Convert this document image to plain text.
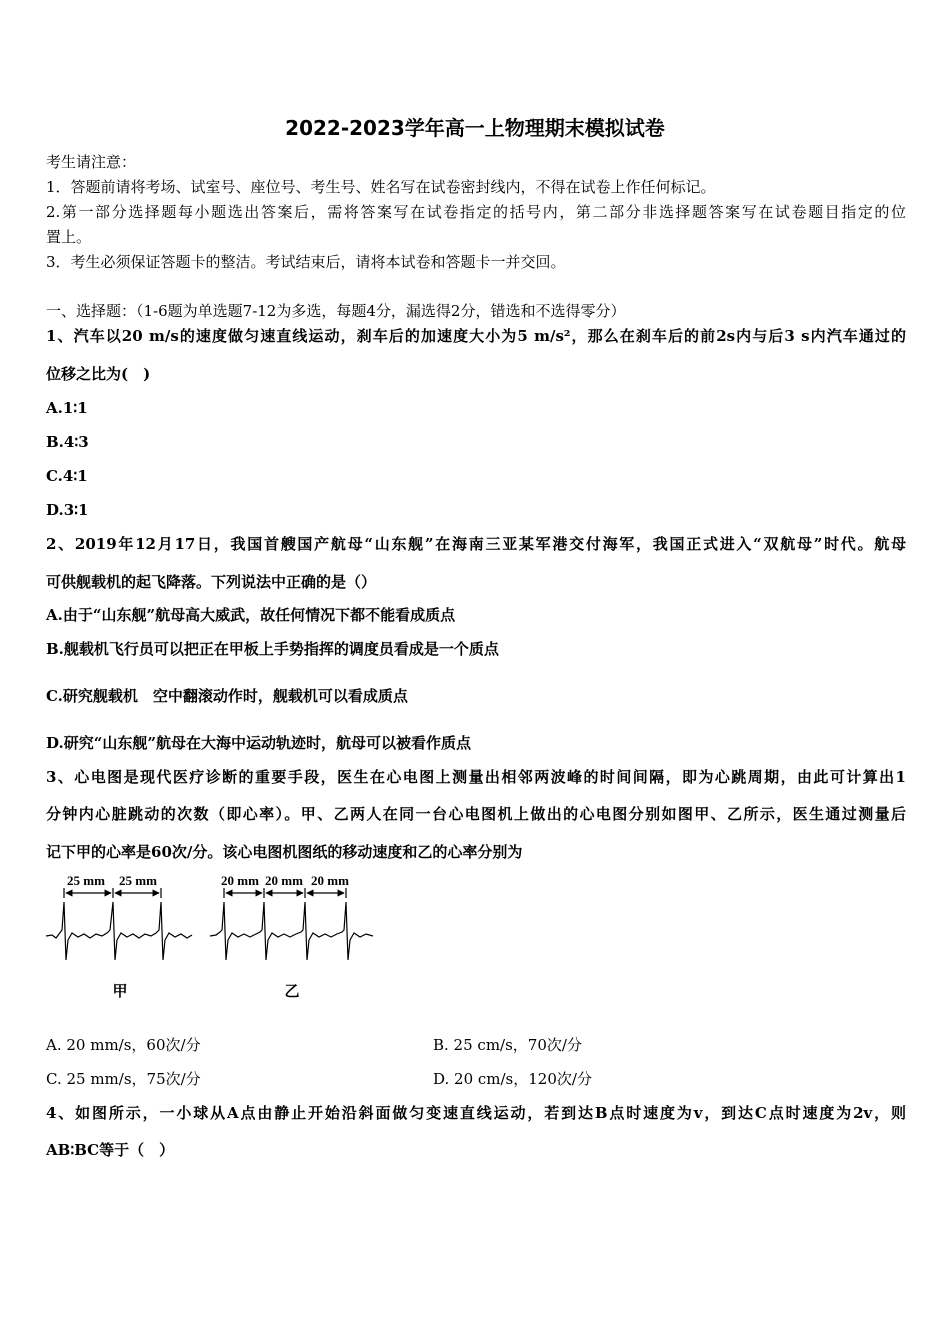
2022-2023学年高一上物理期末模拟试卷
考生请注意：
1．答题前请将考场、试室号、座位号、考生号、姓名写在试卷密封线内，不得在试卷上作任何标记。
2.第一部分选择题每小题选出答案后，需将答案写在试卷指定的括号内，第二部分非选择题答案写在试卷题目指定的位
置上。
3．考生必须保证答题卡的整洁。考试结束后，请将本试卷和答题卡一并交回。
一、选择题：（1-6题为单选题7-12为多选，每题4分，漏选得2分，错选和不选得零分）
1、汽车以20 m/s的速度做匀速直线运动，刹车后的加速度大小为5 m/s²，那么在刹车后的前2s内与后3 s内汽车通过的
位移之比为(　)
A.1∶1
B.4∶3
C.4∶1
D.3∶1
2、2019年12月17日，我国首艘国产航母“山东舰”在海南三亚某军港交付海军，我国正式进入“双航母”时代。航母
可供舰载机的起飞降落。下列说法中正确的是（）
A.由于“山东舰”航母高大威武，故任何情况下都不能看成质点
B.舰载机飞行员可以把正在甲板上手势指挥的调度员看成是一个质点
C.研究舰载机　空中翻滚动作时，舰载机可以看成质点
D.研究“山东舰”航母在大海中运动轨迹时，航母可以被看作质点
3、心电图是现代医疗诊断的重要手段，医生在心电图上测量出相邻两波峰的时间间隔，即为心跳周期，由此可计算出1
分钟内心脏跳动的次数（即心率）。甲、乙两人在同一台心电图机上做出的心电图分别如图甲、乙所示，医生通过测量后
记下甲的心率是60次/分。该心电图机图纸的移动速度和乙的心率分别为
25 mm 25 mm	20 mm 20 mm 20 mm
甲	乙
A. 20 mm/s，60次/分	B. 25 cm/s，70次/分
C. 25 mm/s，75次/分	D. 20 cm/s，120次/分
4、如图所示，一小球从A点由静止开始沿斜面做匀变速直线运动，若到达B点时速度为v，到达C点时速度为2v，则
AB∶BC等于（　）
